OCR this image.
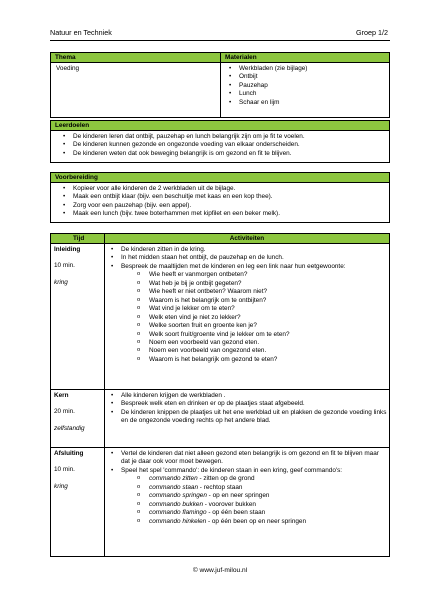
Natuur en Techniek	Groep 1/2
Thema	Materialen
Voeding
•	Werkbladen (zie bijlage)
• Ontbijt
• Pauzehap
• Lunch
• Schaar en lijm
Leerdoelen
• De kinderen leren dat ontbijt, pauzehap en lunch belangrijk zijn om je fit te voelen.
• De kinderen kunnen gezonde en ongezonde voeding van elkaar onderscheiden.
• De kinderen weten dat ook beweging belangrijk is om gezond en fit te blijven.
Voorbereiding
• Kopieer voor alle kinderen de 2 werkbladen uit de bijlage.
• Maak een ontbijt klaar (bijv. een beschuitje met kaas en een kop thee).
• Zorg voor een pauzehap (bijv. een appel).
• Maak een lunch (bijv. twee boterhammen met kipfilet en een beker melk).
Tijd	Activiteiten
Inleiding
10 min.
kring
• De kinderen zitten in de kring.
• In het midden staan het ontbijt, de pauzehap en de lunch.
• Bespreek de maaltijden met de kinderen en leg een link naar hun eetgewoonte:
o Wie heeft er vanmorgen ontbeten?
o Wat heb je bij je ontbijt gegeten?
o Wie heeft er niet ontbeten? Waarom niet?
o Waarom is het belangrijk om te ontbijten?
o Wat vind je lekker om te eten?
o Welk eten vind je niet zo lekker?
o Welke soorten fruit en groente ken je?
o Welk soort fruit/groente vind je lekker om te eten?
o Noem een voorbeeld van gezond eten.
o Noem een voorbeeld van ongezond eten.
o Waarom is het belangrijk om gezond te eten?
Kern
20 min.
zelfstandig
• Alle kinderen krijgen de werkbladen .
• Bespreek welk eten en drinken er op de plaatjes staat afgebeeld.
• De kinderen knippen de plaatjes uit het ene werkblad uit en plakken de gezonde voeding links en de ongezonde voeding rechts op het andere blad.
Afsluiting
10 min.
kring
• Vertel de kinderen dat niet alleen gezond eten belangrijk is om gezond en fit te blijven maar dat je daar ook voor moet bewegen.
• Speel het spel 'commando': de kinderen staan in een kring, geef commando's:
o commando zitten - zitten op de grond
o commando staan - rechtop staan
o commando springen - op en neer springen
o commando bukken - voorover bukken
o commando flamingo - op één been staan
o commando hinkelen - op één been op en neer springen
© www.juf-milou.nl
